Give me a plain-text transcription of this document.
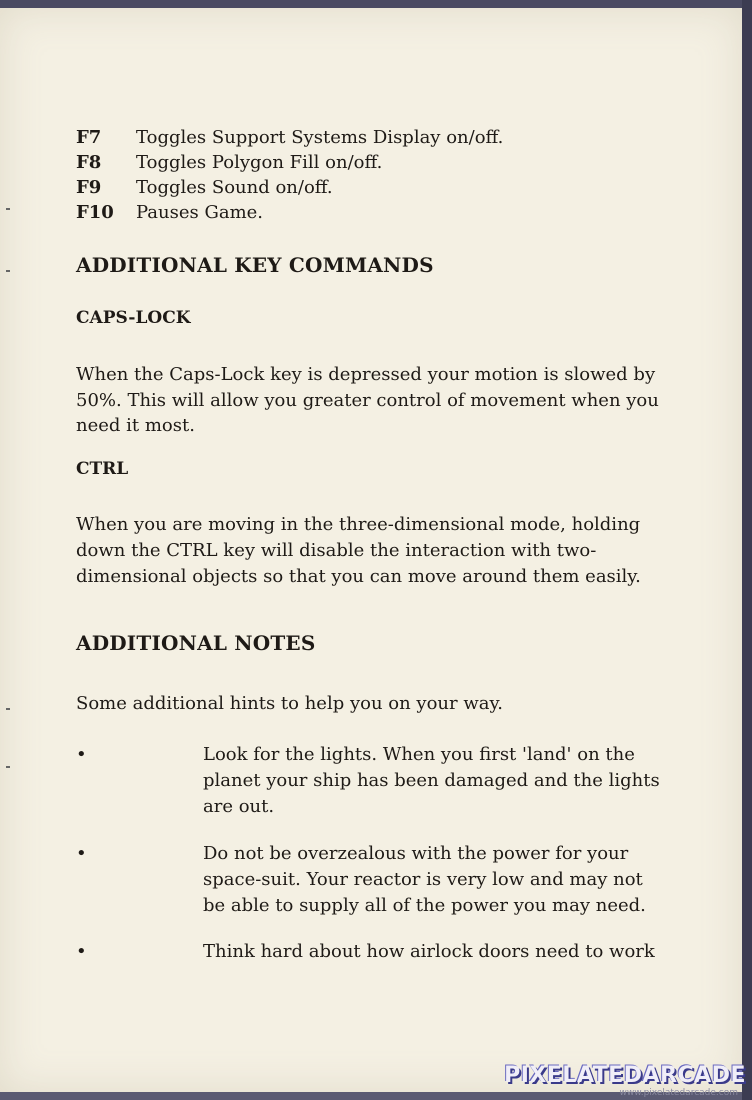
F7 Toggles Support Systems Display on/off.
F8 Toggles Polygon Fill on/off.
F9 Toggles Sound on/off.
F10 Pauses Game.
ADDITIONAL KEY COMMANDS
CAPS-LOCK

When the Caps-Lock key is depressed your motion is slowed by

50%. This will allow you greater control of movement when you

need it most.

CTRL

When you are moving in the three-dimensional mode, holding

down the CTRL key will disable the interaction with two-

dimensional objects so that you can move around them easily.

ADDITIONAL NOTES

Some additional hints to help you on your way.

•	Look for the lights. When you first 'land' on the
planet your ship has been damaged and the lights
are out.
•	Do not be overzealous with the power for your
space-suit. Your reactor is very low and may not
be able to supply all of the power you may need.
•	Think hard about how airlock doors need to work
PIXELATEDARCADE
www.pixelatedarcade.com
